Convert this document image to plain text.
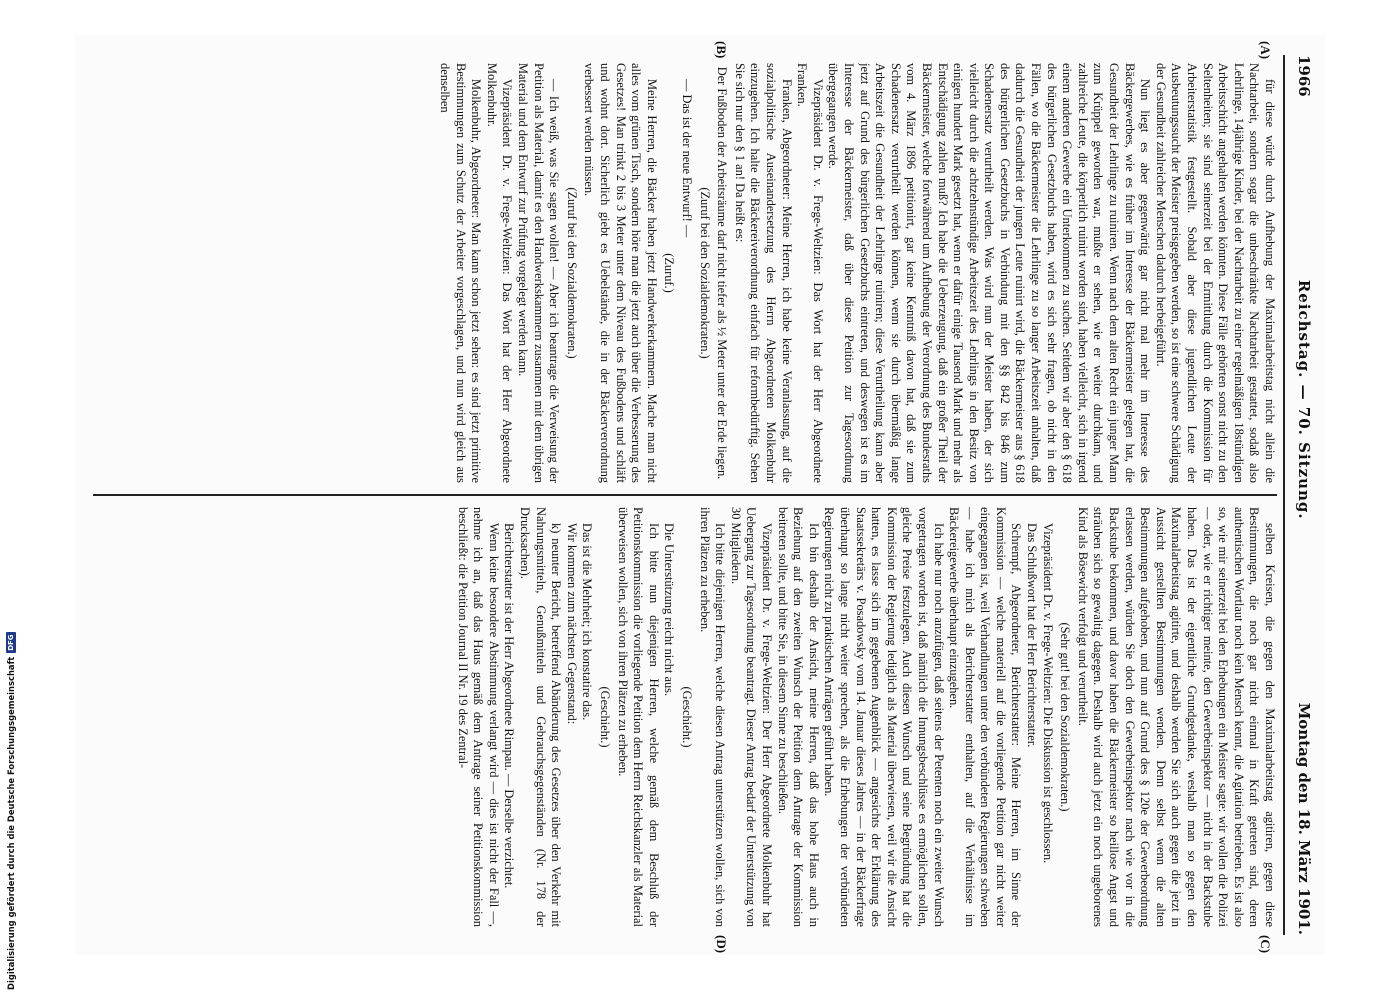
1966
Reichstag. — 70. Sitzung.
Montag den 18. März 1901.
(A)
(B)
(C)
(D)

für diese würde durch Aufhebung der Maximalarbeitstag nicht allein die Nachtarbeit, sondern sogar die unbeschränkte Nachtarbeit gestattet, sodaß also Lehrlinge, 14jährige Kinder, bei der Nachtarbeit zu einer regelmäßigen 18stündigen Arbeitsschicht angehalten werden könnten. Diese Fälle gehörten sonst nicht zu den Seltenheiten; sie sind seinerzeit bei der Ermittlung durch die Kommission für Arbeiterstatistik festgestellt. Sobald aber diese jugendlichen Leute der Ausbeutungssucht der Meister preisgegeben werden, so ist eine schwere Schädigung der Gesundheit zahlreicher Menschen dadurch herbeigeführt.

Nun liegt es aber gegenwärtig gar nicht mal mehr im Interesse des Bäckergewerbes, wie es früher im Interesse der Bäckermeister gelegen hat, die Gesundheit der Lehrlinge zu ruiniren. Wenn nach dem alten Recht ein junger Mann zum Krüppel geworden war, mußte er sehen, wie er weiter durchkam, und zahlreiche Leute, die körperlich ruinirt worden sind, haben vielleicht, sich in irgend einem anderen Gewerbe ein Unterkommen zu suchen. Seitdem wir aber den § 618 des bürgerlichen Gesetzbuchs haben, wird es sich sehr fragen, ob nicht in den Fällen, wo die Bäckermeister die Lehrlinge zu so langer Arbeitszeit anhalten, daß dadurch die Gesundheit der jungen Leute ruinirt wird, die Bäckermeister aus § 618 des bürgerlichen Gesetzbuchs in Verbindung mit den §§ 842 bis 846 zum Schadenersatz verurtheilt werden. Was wird nun der Meister haben, der sich vielleicht durch die achtzehnstündige Arbeitszeit des Lehrlings in den Besitz von einigen hundert Mark gesetzt hat, wenn er dafür einige Tausend Mark und mehr als Entschädigung zahlen muß? Ich habe die Ueberzeugung, daß ein großer Theil der Bäckermeister, welche fortwährend um Aufhebung der Verordnung des Bundesraths vom 4. März 1896 petitionirt, gar keine Kenntniß davon hat, daß sie zum Schadenersatz verurtheilt werden können, wenn sie durch übermäßig lange Arbeitszeit die Gesundheit der Lehrlinge ruiniren; diese Verurtheilung kann aber jetzt auf Grund des bürgerlichen Gesetzbuchs eintreten, und deswegen ist es im Interesse der Bäckermeister, daß über diese Petition zur Tagesordnung übergegangen werde.

Vizepräsident Dr. v. Frege-Weltzien: Das Wort hat der Herr Abgeordnete Franken.

Franken, Abgeordneter: Meine Herren, ich habe keine Veranlassung, auf die sozialpolitische Auseinandersetzung des Herrn Abgeordneten Molkenbuhr einzugehen. Ich halte die Bäckereiverordnung einfach für reformbedürftig. Sehen Sie sich nur den § 1 an! Da heißt es:

Der Fußboden der Arbeitsräume darf nicht tiefer als ½ Meter unter der Erde liegen.

(Zuruf bei den Sozialdemokraten.)

— Das ist der neue Entwurf! —

(Zuruf.)

Meine Herren, die Bäcker haben jetzt Handwerkerkammern. Mache man nicht alles vom grünen Tisch, sondern höre man die jetzt auch über die Verbesserung des Gesetzes! Man trinkt 2 bis 3 Meter unter dem Niveau des Fußbodens und schläft und wohnt dort. Sicherlich giebt es Uebelstände, die in der Bäckerverordnung verbessert werden müssen.

(Zuruf bei den Sozialdemokraten.)

— Ich weiß, was Sie sagen wollen! — Aber ich beantrage die Verweisung der Petition als Material, damit es den Handwerkskammern zusammen mit dem übrigen Material und dem Entwurf zur Prüfung vorgelegt werden kann.

Vizepräsident Dr. v. Frege-Weltzien: Das Wort hat der Herr Abgeordnete Molkenbuhr.

Molkenbuhr, Abgeordneter: Man kann schon jetzt sehen: es sind jetzt primitive Bestimmungen zum Schutz der Arbeiter vorgeschlagen, und nun wird gleich aus denselben

selben Kreisen, die gegen den Maximalarbeitstag agitiren, gegen diese Bestimmungen, die noch gar nicht einmal in Kraft getreten sind, deren authentischen Wortlaut noch kein Mensch kennt, die Agitation betrieben. Es ist also so, wie mir seinerzeit bei den Erhebungen ein Meister sagte: wir wollen die Polizei — oder, wie er richtiger meinte, den Gewerbeinspektor — nicht in der Backstube haben. Das ist der eigentliche Grundgedanke, weshalb man so gegen den Maximalarbeitstag agitirte, und deshalb werden Sie sich auch gegen die jetzt in Aussicht gestellten Bestimmungen wenden. Denn selbst wenn die alten Bestimmungen aufgehoben, und nun auf Grund des § 120e der Gewerbeordnung erlassen werden, würden Sie doch den Gewerbeinspektor nach wie vor in die Backstube bekommen, und davor haben die Bäckermeister so heillose Angst und sträuben sich so gewaltig dagegen. Deshalb wird auch jetzt ein noch ungeborenes Kind als Bösewicht verfolgt und verurtheilt.

(Sehr gut! bei den Sozialdemokraten.)

Vizepräsident Dr. v. Frege-Weltzien: Die Diskussion ist geschlossen.

Das Schlußwort hat der Herr Berichterstatter.

Schrempf, Abgeordneter, Berichterstatter: Meine Herren, im Sinne der Kommission — welche materiell auf die vorliegende Petition gar nicht weiter eingegangen ist, weil Verhandlungen unter den verbündeten Regierungen schweben — habe ich mich als Berichterstatter enthalten, auf die Verhältnisse im Bäckereigewerbe überhaupt einzugehen.

Ich habe nur noch anzufügen, daß seitens der Petenten noch ein zweiter Wunsch vorgetragen worden ist, daß nämlich die Innungsbeschlüsse es ermöglichen sollen, gleiche Preise festzulegen. Auch diesen Wunsch und seine Begründung hat die Kommission der Regierung lediglich als Material überwiesen, weil wir die Ansicht hatten, es lasse sich im gegebenen Augenblick — angesichts der Erklärung des Staatssekretärs v. Posadowsky vom 14. Januar dieses Jahres — in der Bäckerfrage überhaupt so lange nicht weiter sprechen, als die Erhebungen der verbündeten Regierungen nicht zu praktischen Anträgen geführt haben.

Ich bin deshalb der Ansicht, meine Herren, daß das hohe Haus auch in Beziehung auf den zweiten Wunsch der Petition dem Antrage der Kommission beitreten sollte, und bitte Sie, in diesem Sinne zu beschließen.

Vizepräsident Dr. v. Frege-Weltzien: Der Herr Abgeordnete Molkenbuhr hat Uebergang zur Tagesordnung beantragt. Dieser Antrag bedarf der Unterstützung von 30 Mitgliedern.

Ich bitte diejenigen Herren, welche diesen Antrag unterstützen wollen, sich von ihren Plätzen zu erheben.

(Geschieht.)

Die Unterstützung reicht nicht aus.

Ich bitte nun diejenigen Herren, welche gemäß dem Beschluß der Petitionskommission die vorliegende Petition dem Herrn Reichskanzler als Material überweisen wollen, sich von ihren Plätzen zu erheben.

(Geschieht.)

Das ist die Mehrheit; ich konstatire das.

Wir kommen zum nächsten Gegenstand:

k) neunter Bericht, betreffend Abänderung des Gesetzes über den Verkehr mit Nahrungsmitteln, Genußmitteln und Gebrauchsgegenständen (Nr. 178 der Drucksachen).

Berichterstatter ist der Herr Abgeordnete Rimpau. — Derselbe verzichtet.

Wenn keine besondere Abstimmung verlangt wird — dies ist nicht der Fall —, nehme ich an, daß das Haus gemäß dem Antrage seiner Petitionskommission beschließt: die Petition Journal II Nr. 19 des Zentral-

Digitalisierung gefördert durch die Deutsche Forschungsgemeinschaft
DFG
